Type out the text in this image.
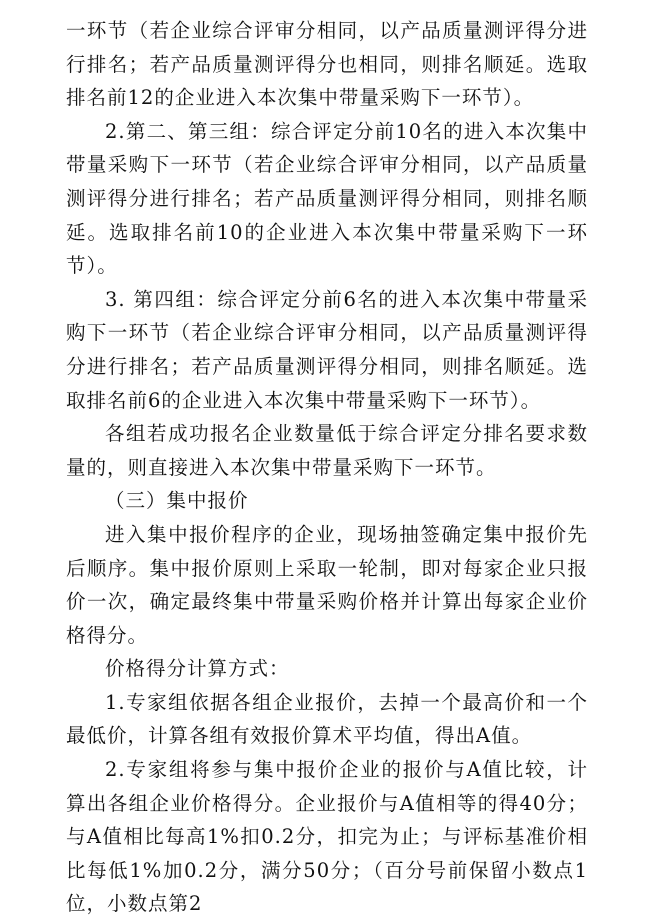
一环节（若企业综合评审分相同，以产品质量测评得分进行排名；若产品质量测评得分也相同，则排名顺延。选取排名前12的企业进入本次集中带量采购下一环节）。

2.第二、第三组：综合评定分前10名的进入本次集中带量采购下一环节（若企业综合评审分相同，以产品质量测评得分进行排名；若产品质量测评得分相同，则排名顺延。选取排名前10的企业进入本次集中带量采购下一环节）。

3. 第四组：综合评定分前6名的进入本次集中带量采购下一环节（若企业综合评审分相同，以产品质量测评得分进行排名；若产品质量测评得分相同，则排名顺延。选取排名前6的企业进入本次集中带量采购下一环节）。

各组若成功报名企业数量低于综合评定分排名要求数量的，则直接进入本次集中带量采购下一环节。

（三）集中报价

进入集中报价程序的企业，现场抽签确定集中报价先后顺序。集中报价原则上采取一轮制，即对每家企业只报价一次，确定最终集中带量采购价格并计算出每家企业价格得分。

价格得分计算方式：

1.专家组依据各组企业报价，去掉一个最高价和一个最低价，计算各组有效报价算术平均值，得出A值。

2.专家组将参与集中报价企业的报价与A值比较，计算出各组企业价格得分。企业报价与A值相等的得40分；与A值相比每高1%扣0.2分，扣完为止；与评标基准价相比每低1%加0.2分，满分50分；（百分号前保留小数点1位，小数点第2
